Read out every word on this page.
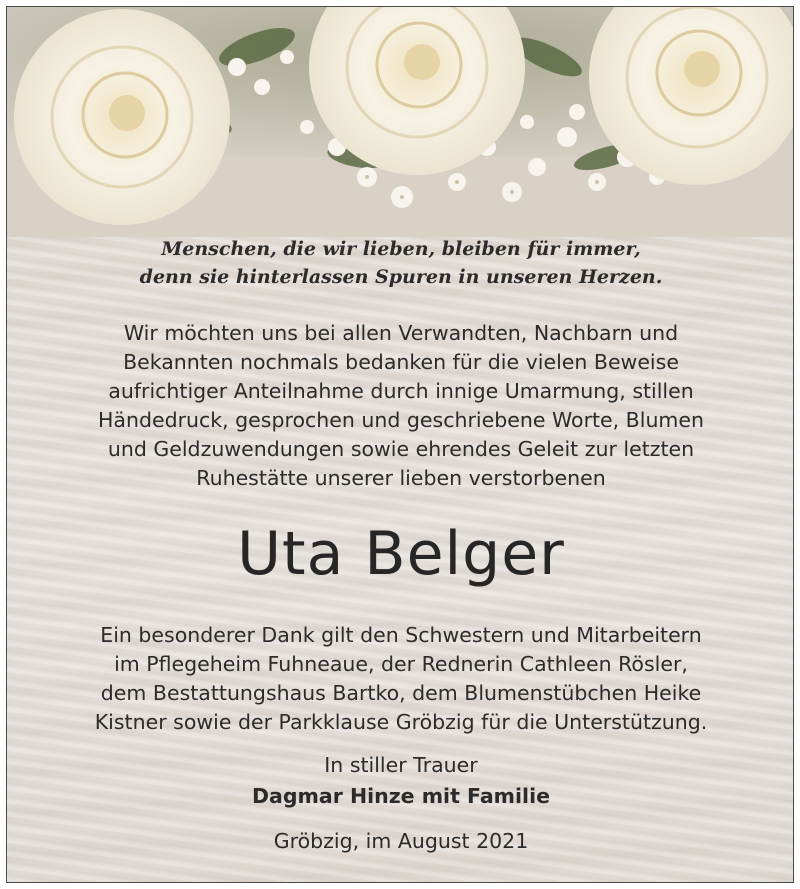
Menschen, die wir lieben, bleiben für immer,
denn sie hinterlassen Spuren in unseren Herzen.
Wir möchten uns bei allen Verwandten, Nachbarn und
Bekannten nochmals bedanken für die vielen Beweise
aufrichtiger Anteilnahme durch innige Umarmung, stillen
Händedruck, gesprochen und geschriebene Worte, Blumen
und Geldzuwendungen sowie ehrendes Geleit zur letzten
Ruhestätte unserer lieben verstorbenen
Uta Belger
Ein besonderer Dank gilt den Schwestern und Mitarbeitern
im Pflegeheim Fuhneaue, der Rednerin Cathleen Rösler,
dem Bestattungshaus Bartko, dem Blumenstübchen Heike
Kistner sowie der Parkklause Gröbzig für die Unterstützung.
In stiller Trauer
Dagmar Hinze mit Familie
Gröbzig, im August 2021
